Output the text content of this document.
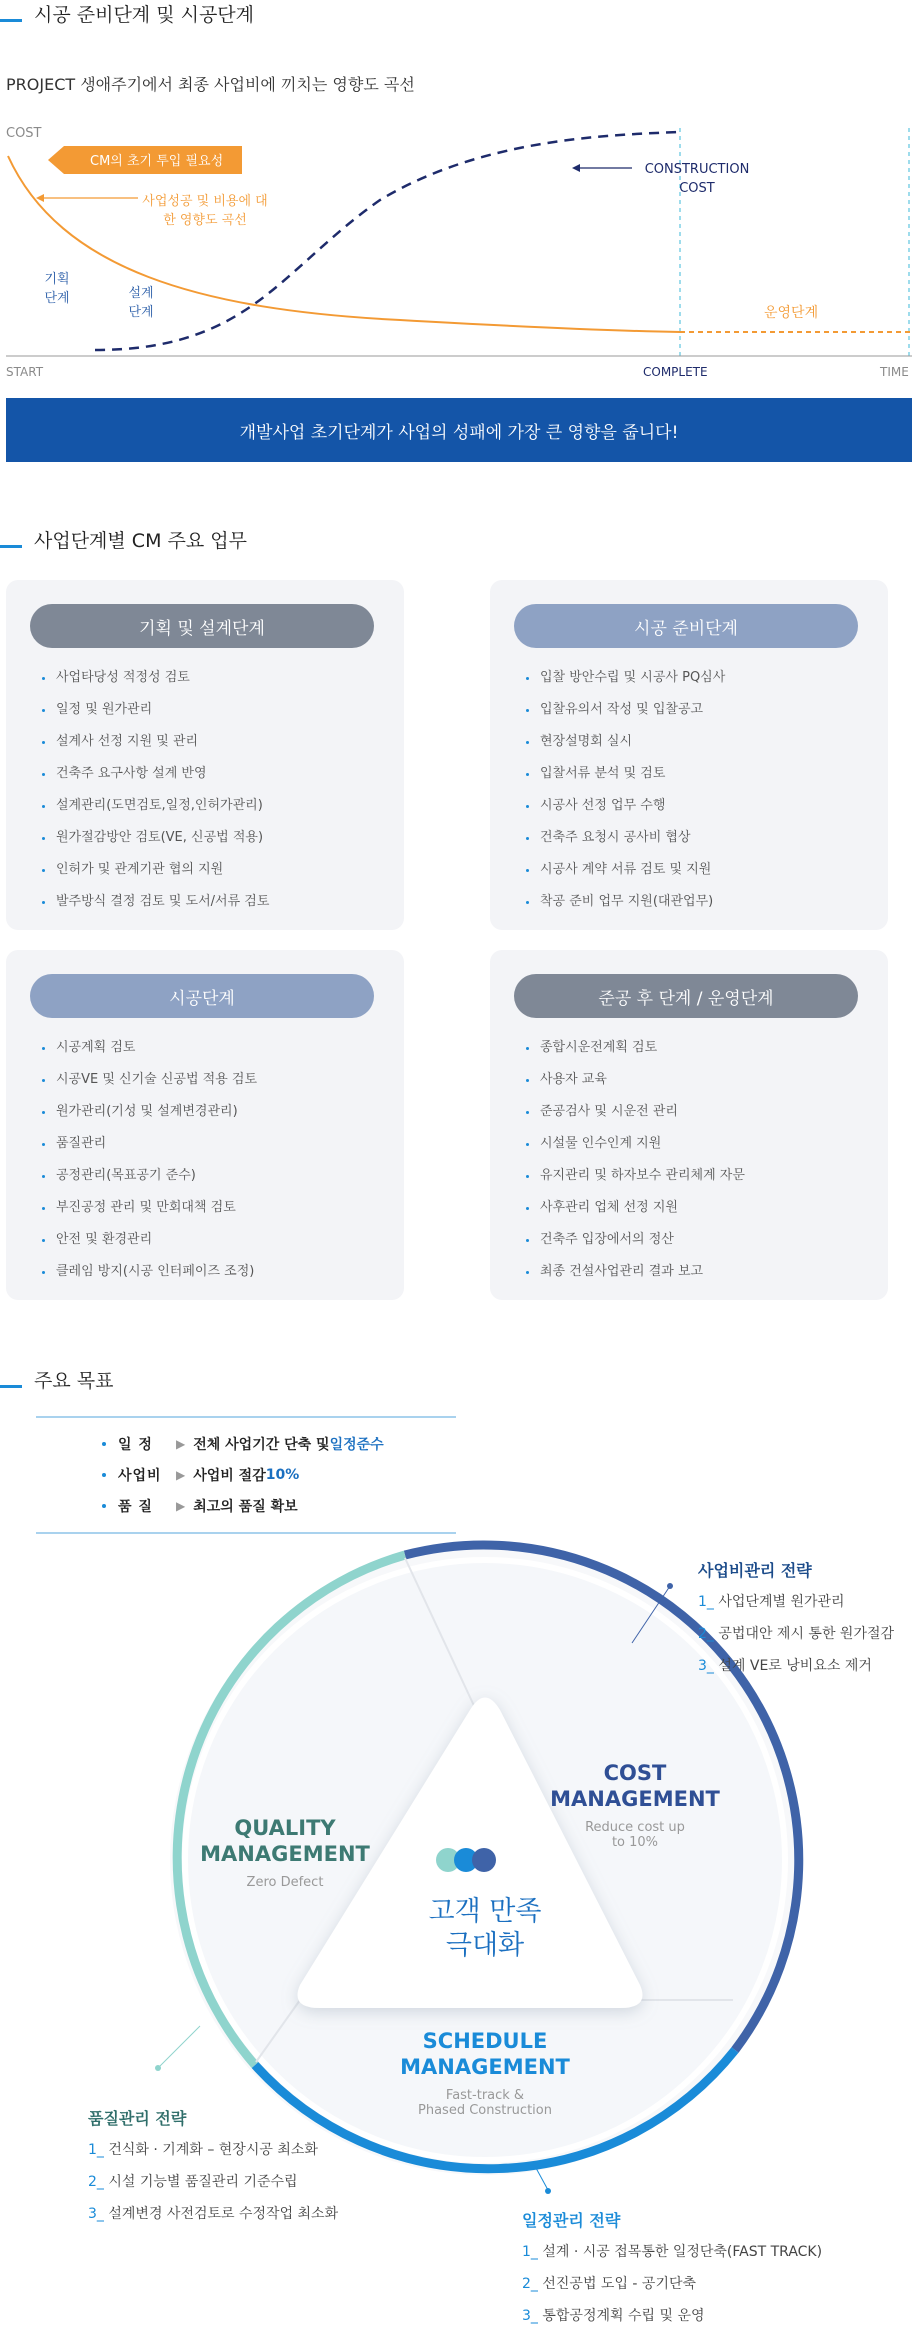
시공 준비단계 및 시공단계
PROJECT 생애주기에서 최종 사업비에 끼치는 영향도 곡선
COST
CM의 초기 투입 필요성
사업성공 및 비용에 대한 영향도 곡선
기획 단계	설계 단계
CONSTRUCTION COST
운영단계
START	COMPLETE	TIME
개발사업 초기단계가 사업의 성패에 가장 큰 영향을 줍니다!
사업단계별 CM 주요 업무
기획 및 설계단계
사업타당성 적정성 검토
일정 및 원가관리
설계사 선정 지원 및 관리
건축주 요구사항 설계 반영
설계관리(도면검토,일정,인허가관리)
원가절감방안 검토(VE, 신공법 적용)
인허가 및 관계기관 협의 지원
발주방식 결정 검토 및 도서/서류 검토
시공 준비단계
입찰 방안수립 및 시공사 PQ심사
입찰유의서 작성 및 입찰공고
현장설명회 실시
입찰서류 분석 및 검토
시공사 선정 업무 수행
건축주 요청시 공사비 협상
시공사 계약 서류 검토 및 지원
착공 준비 업무 지원(대관업무)
시공단계
시공계획 검토
시공VE 및 신기술 신공법 적용 검토
원가관리(기성 및 설계변경관리)
품질관리
공정관리(목표공기 준수)
부진공정 관리 및 만회대책 검토
안전 및 환경관리
클레임 방지(시공 인터페이즈 조정)
준공 후 단계 / 운영단계
종합시운전계획 검토
사용자 교육
준공검사 및 시운전 관리
시설물 인수인계 지원
유지관리 및 하자보수 관리체계 자문
사후관리 업체 선정 지원
건축주 입장에서의 정산
최종 건설사업관리 결과 보고
주요 목표
일 정	▶ 전체 사업기간 단축 및 일정준수
사업비	▶ 사업비 절감 10%
품 질	▶ 최고의 품질 확보
고객 만족
극대화
QUALITY
MANAGEMENT
Zero Defect
COST
MANAGEMENT
Reduce cost up
to 10%
SCHEDULE
MANAGEMENT
Fast-track &
Phased Construction
사업비관리 전략
1_ 사업단계별 원가관리
2_ 공법대안 제시 통한 원가절감
3_ 설계 VE로 낭비요소 제거
품질관리 전략
1_ 건식화 · 기계화 – 현장시공 최소화
2_ 시설 기능별 품질관리 기준수립
3_ 설계변경 사전검토로 수정작업 최소화	일정관리 전략
1_ 설계 · 시공 접목통한 일정단축(FAST TRACK)
2_ 선진공법 도입 - 공기단축
3_ 통합공정계획 수립 및 운영
